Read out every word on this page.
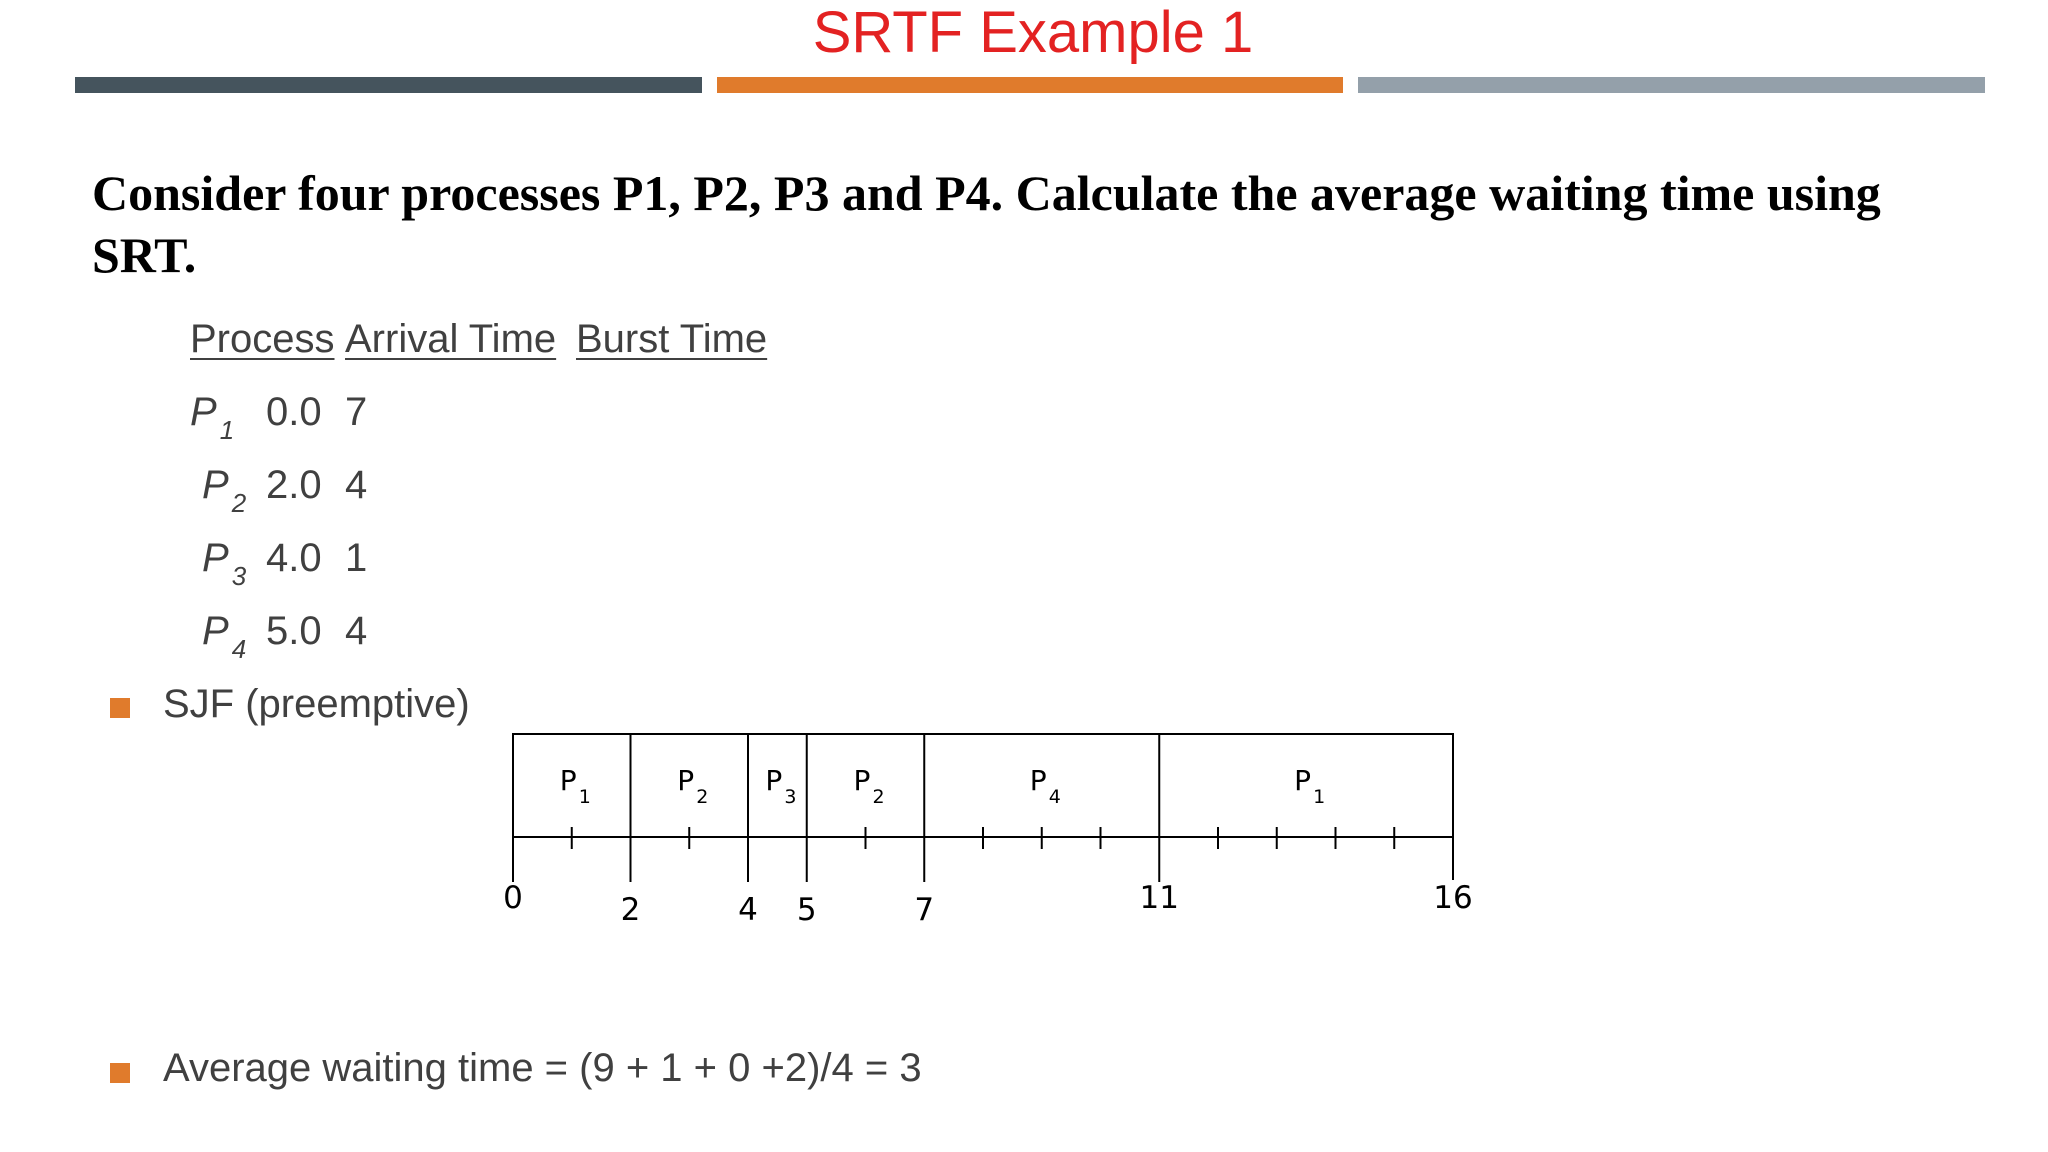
SRTF Example 1
Consider four processes P1, P2, P3 and P4. Calculate the average waiting time using SRT.
Process Arrival Time Burst Time
P $_1$ 0.0 7
P $_2$ 2.0 4
P $_3$ 4.0 1
P $_4$ 5.0 4
SJF (preemptive)
P 1	P 2 P 3 P 2	P 4	P 1
0	2	4 5	7	11	16
Average waiting time = (9 + 1 + 0 +2)/4 = 3
